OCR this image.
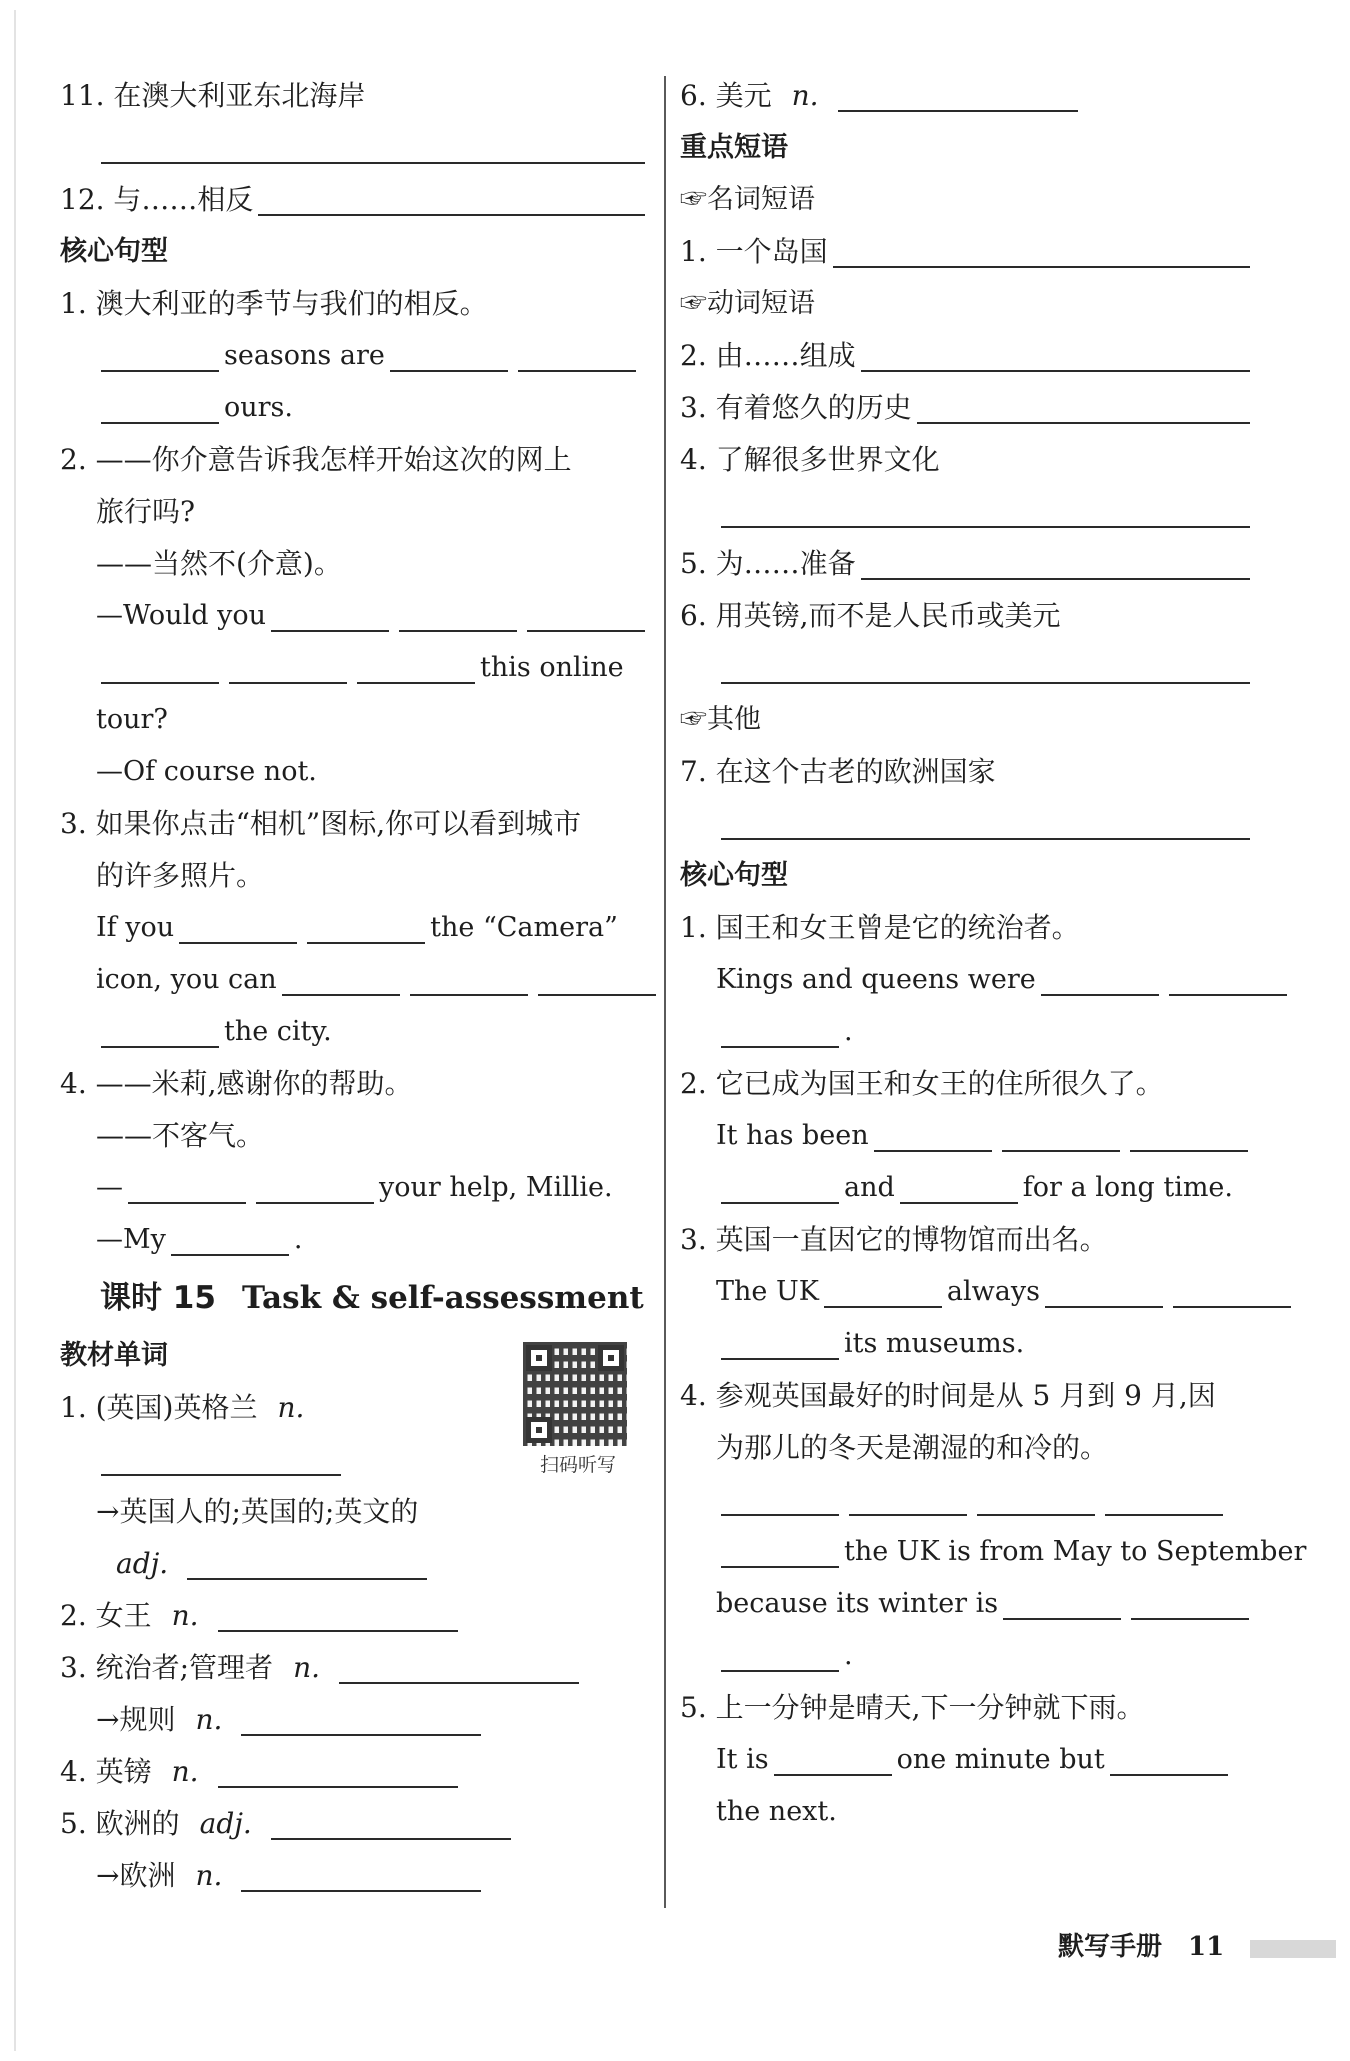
11. 在澳大利亚东北海岸
12. 与……相反
核心句型
1. 澳大利亚的季节与我们的相反。
seasons are
ours.
2. ——你介意告诉我怎样开始这次的网上
旅行吗?
——当然不(介意)。
—Would you
this online
tour?
—Of course not.
3. 如果你点击“相机”图标,你可以看到城市
的许多照片。
If you	the “Camera”
icon, you can
the city.
4. ——米莉,感谢你的帮助。
——不客气。
—	your help, Millie.
—My	.
课时 15 Task & self-assessment
教材单词
1. (英国)英格兰 n.
→英国人的;英国的;英文的
adj.
2. 女王 n.
3. 统治者;管理者 n.
→规则 n.
4. 英镑 n.
5. 欧洲的 adj.
→欧洲 n.
6. 美元 n.
重点短语
☞名词短语
1. 一个岛国
☞动词短语
2. 由……组成
3. 有着悠久的历史
4. 了解很多世界文化
5. 为……准备
6. 用英镑,而不是人民币或美元
☞其他
7. 在这个古老的欧洲国家
核心句型
1. 国王和女王曾是它的统治者。
Kings and queens were
.
2. 它已成为国王和女王的住所很久了。
It has been
and	for a long time.
3. 英国一直因它的博物馆而出名。
The UK	always
its museums.
4. 参观英国最好的时间是从 5 月到 9 月,因
为那儿的冬天是潮湿的和冷的。
the UK is from May to September
because its winter is
.
5. 上一分钟是晴天,下一分钟就下雨。
It is	one minute but
the next.
扫码听写
默写手册 11
